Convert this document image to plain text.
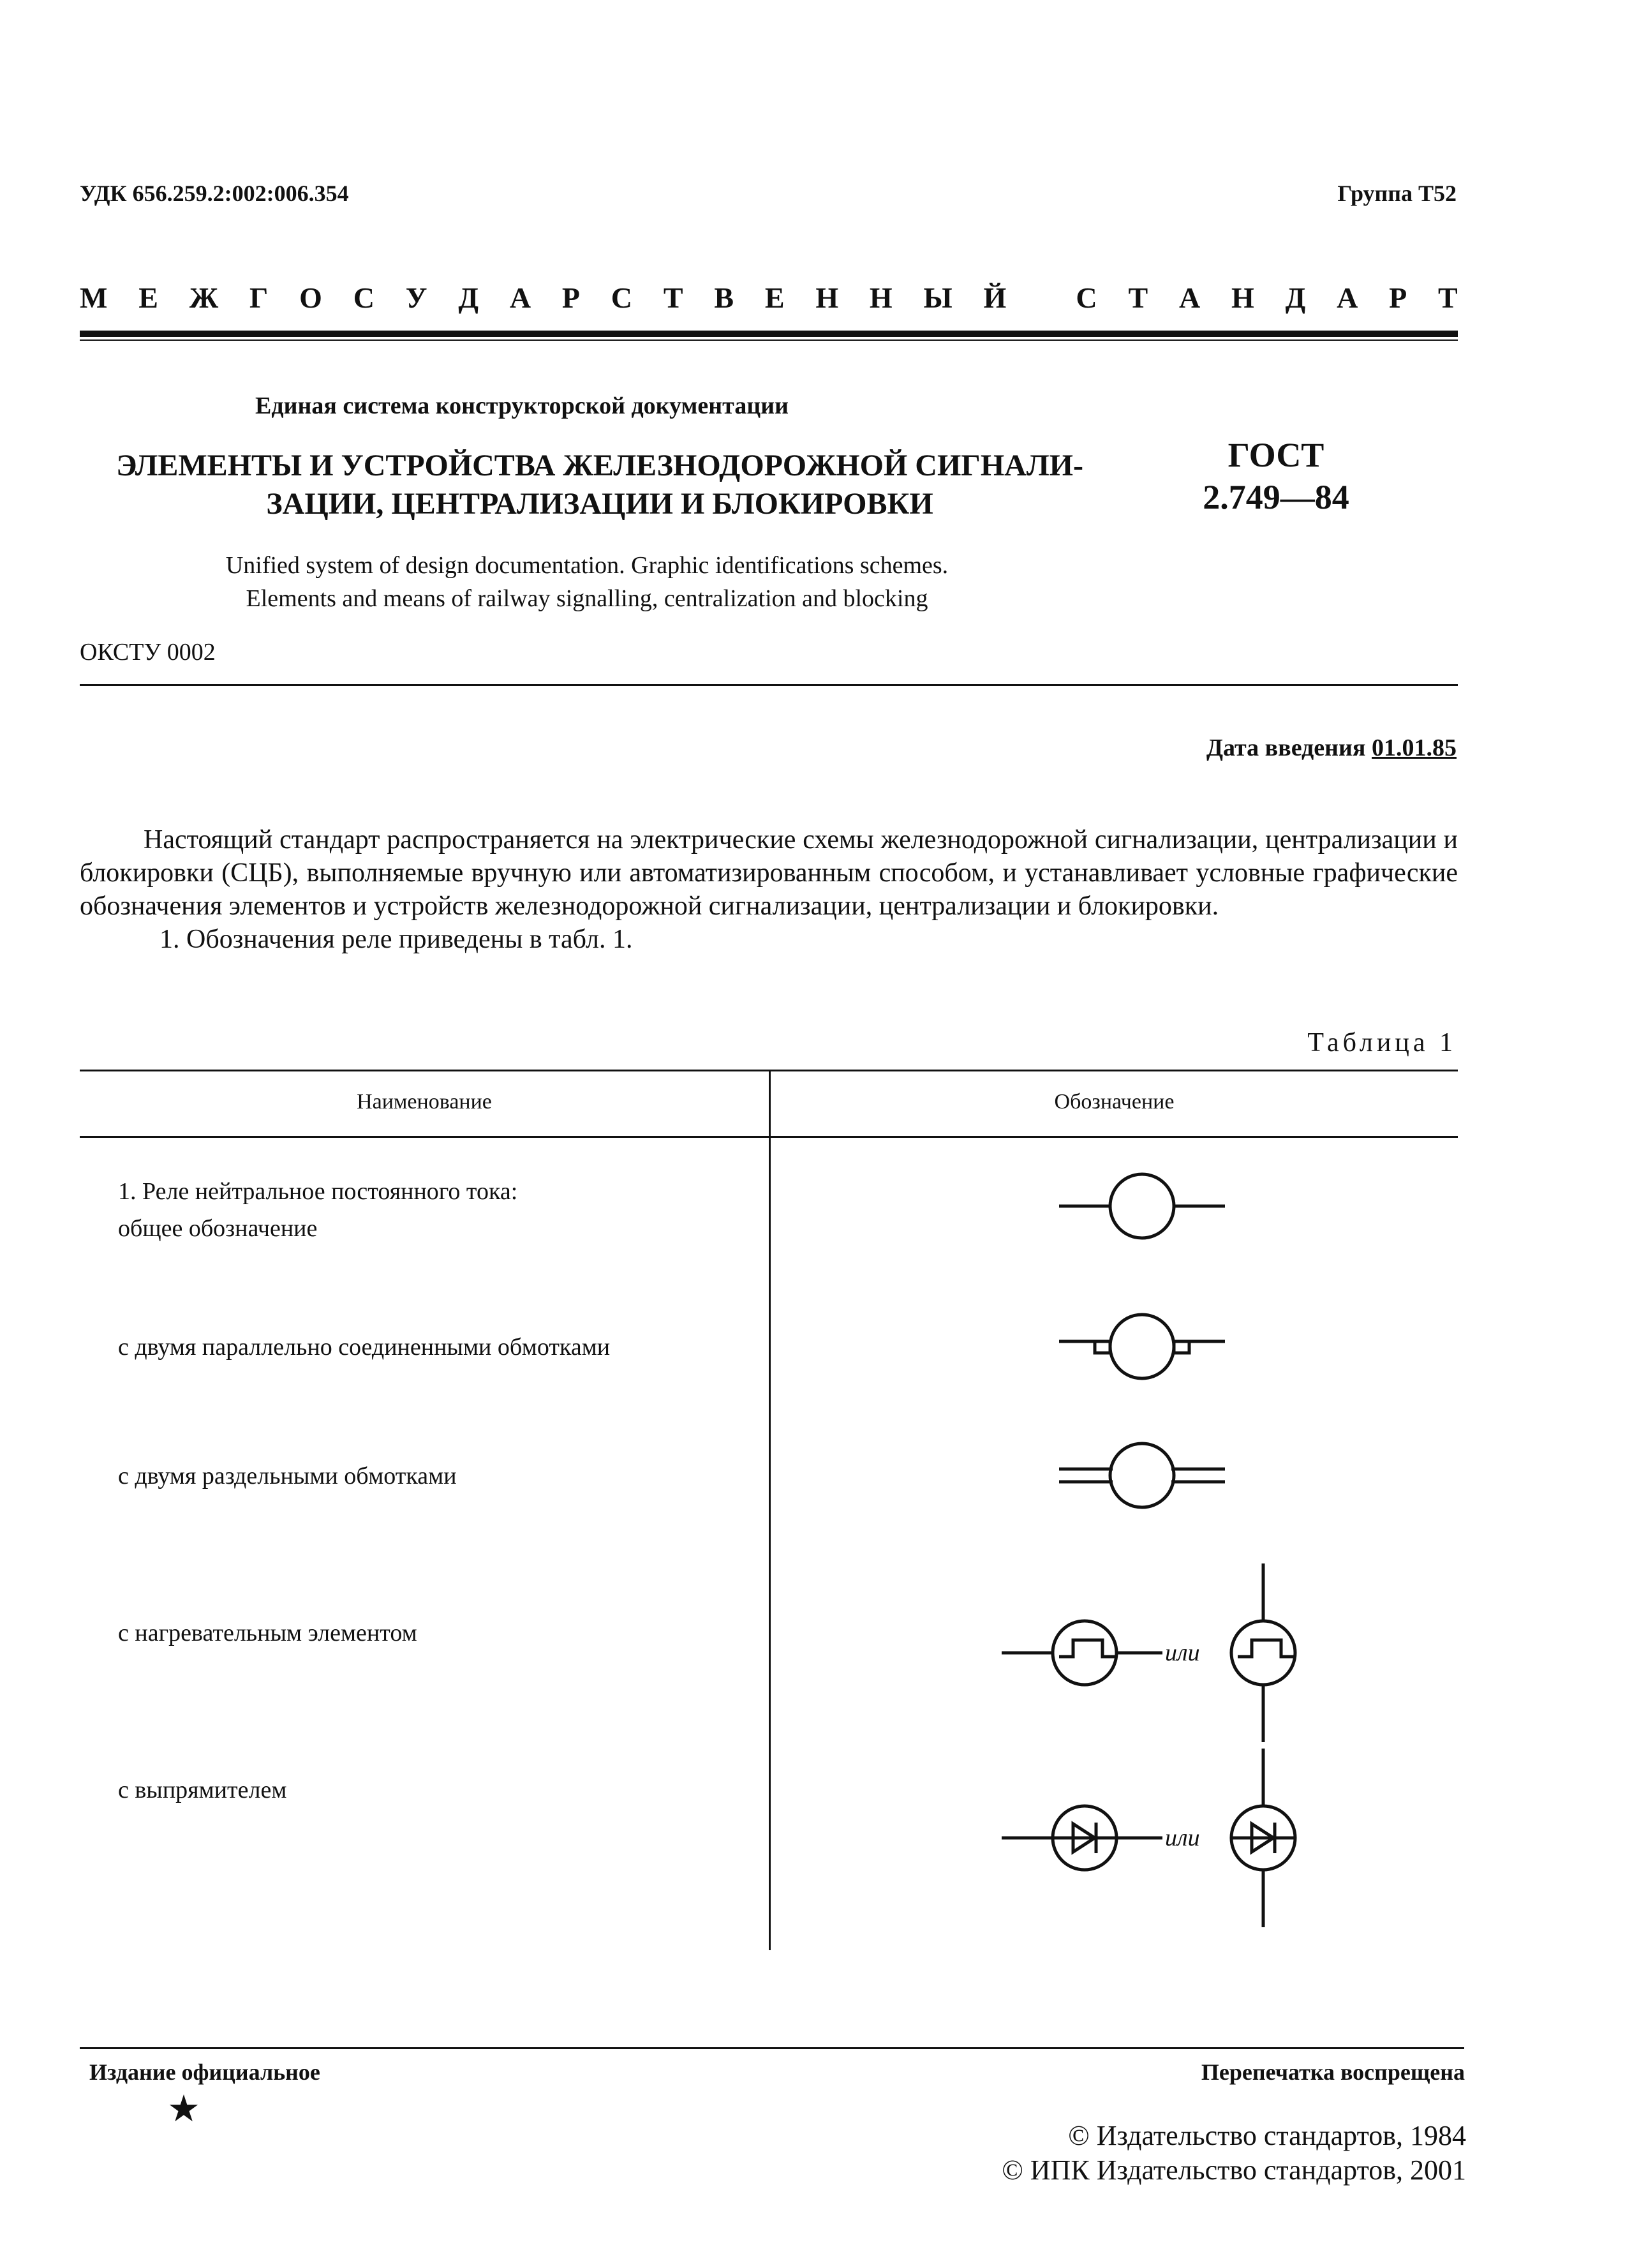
УДК 656.259.2:002:006.354	Группа Т52
М Е Ж Г О С У Д А Р С Т В Е Н Н Ы Й
С Т А Н Д А Р Т
Единая система конструкторской документации
ЭЛЕМЕНТЫ И УСТРОЙСТВА ЖЕЛЕЗНОДОРОЖНОЙ СИГНАЛИ-
ЗАЦИИ, ЦЕНТРАЛИЗАЦИИ И БЛОКИРОВКИ
ГОСТ
2.749—84
Unified system of design documentation. Graphic identifications schemes.
Elements and means of railway signalling, centralization and blocking
ОКСТУ 0002
Дата введения 01.01.85

Настоящий стандарт распространяется на электрические схемы железнодорожной сигнализации, централизации и блокировки (СЦБ), выполняемые вручную или автоматизированным способом, и устанавливает условные графические обозначения элементов и устройств железнодорожной сигнализации, централизации и блокировки.

1. Обозначения реле приведены в табл. 1.

Таблица 1
Наименование	Обозначение
1. Реле нейтральное постоянного тока:
общее обозначение
с двумя параллельно соединенными обмотками
с двумя раздельными обмотками
с нагревательным элементом
или
с выпрямителем
или
Издание официальное	Перепечатка воспрещена
★
© Издательство стандартов, 1984
© ИПК Издательство стандартов, 2001
